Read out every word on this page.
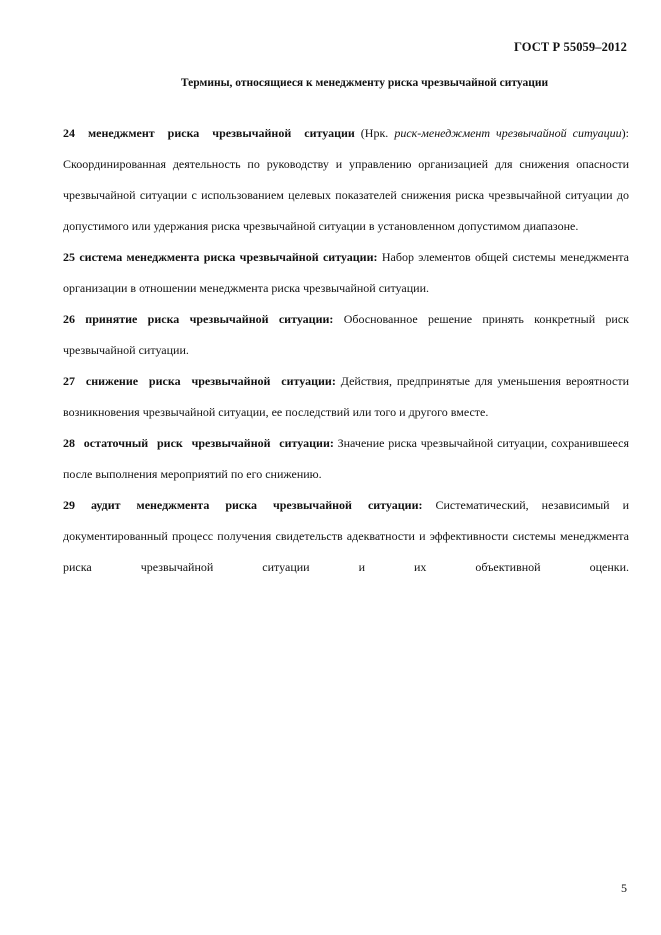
ГОСТ Р 55059–2012
Термины, относящиеся к менеджменту риска чрезвычайной ситуации

24 менеджмент риска чрезвычайной ситуации (Нрк. риск-менеджмент чрезвычайной ситуации): Скоординированная деятельность по руководству и управлению организацией для снижения опасности чрезвычайной ситуации с использованием целевых показателей снижения риска чрезвычайной ситуации до допустимого или удержания риска чрезвычайной ситуации в установленном допустимом диапазоне.

25 система менеджмента риска чрезвычайной ситуации: Набор элементов общей системы менеджмента организации в отношении менеджмента риска чрезвычайной ситуации.

26 принятие риска чрезвычайной ситуации: Обоснованное решение принять конкретный риск чрезвычайной ситуации.

27 снижение риска чрезвычайной ситуации: Действия, предпринятые для уменьшения вероятности возникновения чрезвычайной ситуации, ее последствий или того и другого вместе.

28 остаточный риск чрезвычайной ситуации: Значение риска чрезвычайной ситуации, сохранившееся после выполнения мероприятий по его снижению.

29 аудит менеджмента риска чрезвычайной ситуации: Систематический, независимый и документированный процесс получения свидетельств адекватности и эффективности системы менеджмента риска чрезвычайной ситуации и их объективной оценки.

5
